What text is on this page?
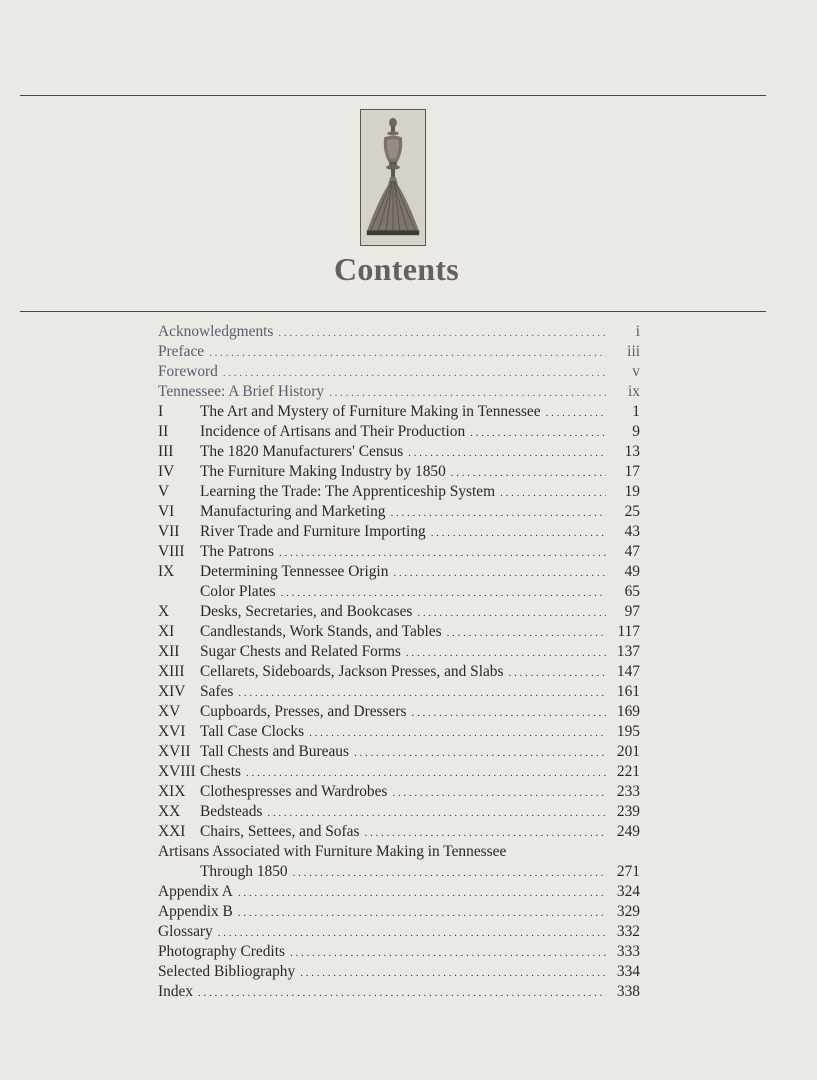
Contents
Acknowledgments . . .	i
Preface . . .	iii
Foreword . . .	v
Tennessee: A Brief History . . .	ix
I The Art and Mystery of Furniture Making in Tennessee . . .	1
II Incidence of Artisans and Their Production . . .	9
III The 1820 Manufacturers' Census . . .	13
IV The Furniture Making Industry by 1850 . . .	17
V Learning the Trade: The Apprenticeship System . . .	19
VI Manufacturing and Marketing . . .	25
VII River Trade and Furniture Importing . . .	43
VIII The Patrons . . .	47
IX Determining Tennessee Origin . . .	49
Color Plates . . .	65
X Desks, Secretaries, and Bookcases . . .	97
XI Candlestands, Work Stands, and Tables . . .	117
XII Sugar Chests and Related Forms . . .	137
XIII Cellarets, Sideboards, Jackson Presses, and Slabs . . .	147
XIV Safes . . .	161
XV Cupboards, Presses, and Dressers . . .	169
XVI Tall Case Clocks . . .	195
XVII Tall Chests and Bureaus . . .	201
XVIII Chests . . .	221
XIX Clothespresses and Wardrobes . . .	233
XX Bedsteads . . .	239
XXI Chairs, Settees, and Sofas . . .	249
Artisans Associated with Furniture Making in Tennessee
Through 1850 . . .	271
Appendix A . . .	324
Appendix B . . .	329
Glossary . . .	332
Photography Credits . . .	333
Selected Bibliography . . .	334
Index . . .	338
